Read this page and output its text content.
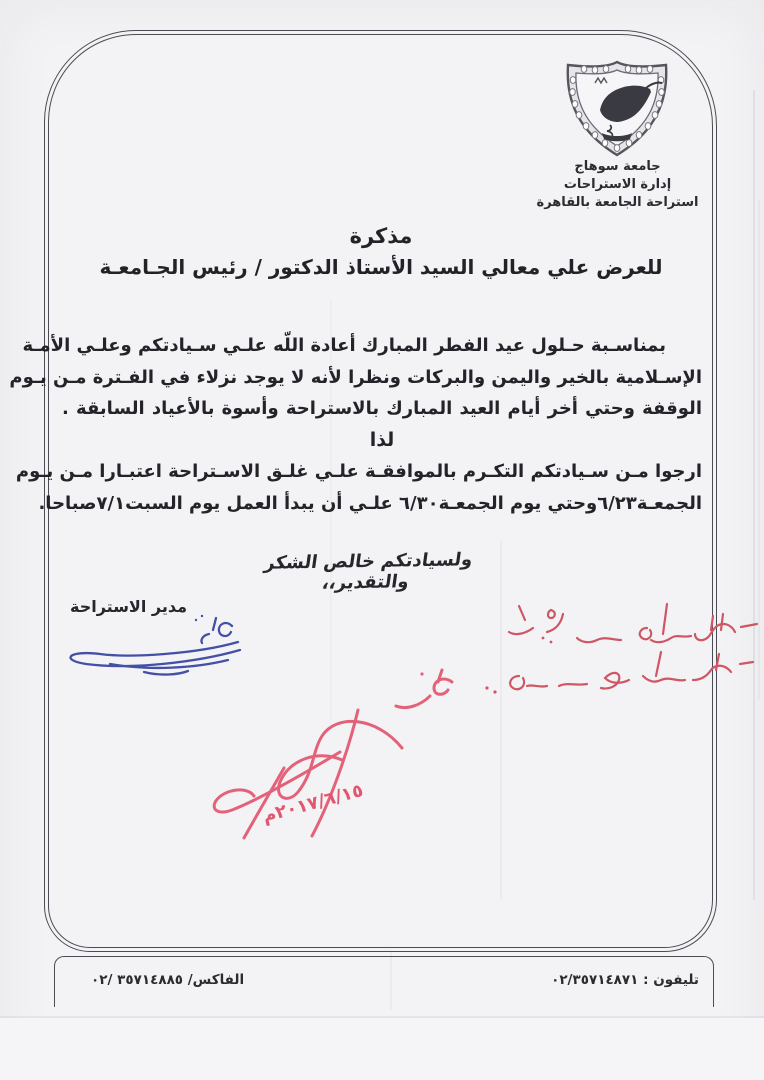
جامعة سوهاج
إدارة الاستراحات
استراحة الجامعة بالقاهرة
مذكرة
للعرض علي معالي السيد الأستاذ الدكتور / رئيس الجـامعـة
بمناسـبة حـلول عيد الفطر المبارك أعادة اللّه علـي سـيادتكم وعلـي الأمـة
الإسـلامية بالخير واليمن والبركات ونظرا لأنه لا يوجد نزلاء في الفـترة مـن يـوم
الوقفة وحتي أخر أيام العيد المبارك بالاستراحة وأسوة بالأعياد السابقة .
لذا
ارجوا مـن سـيادتكم التكـرم بالموافقـة علـي غلـق الاسـتراحة اعتبـارا مـن يـوم
الجمعـة٦/٢٣وحتي يوم الجمعـة٦/٣٠ علـي أن يبدأ العمل يوم السبت٧/١صباحا.
ولسيادتكم خالص الشكر والتقدير،،
مدير الاستراحة
٢٠١٧/٦/١٥م
تليفون : ٠٢/٣٥٧١٤٨٧١
الفاكس/ ٣٥٧١٤٨٨٥ /٠٢
